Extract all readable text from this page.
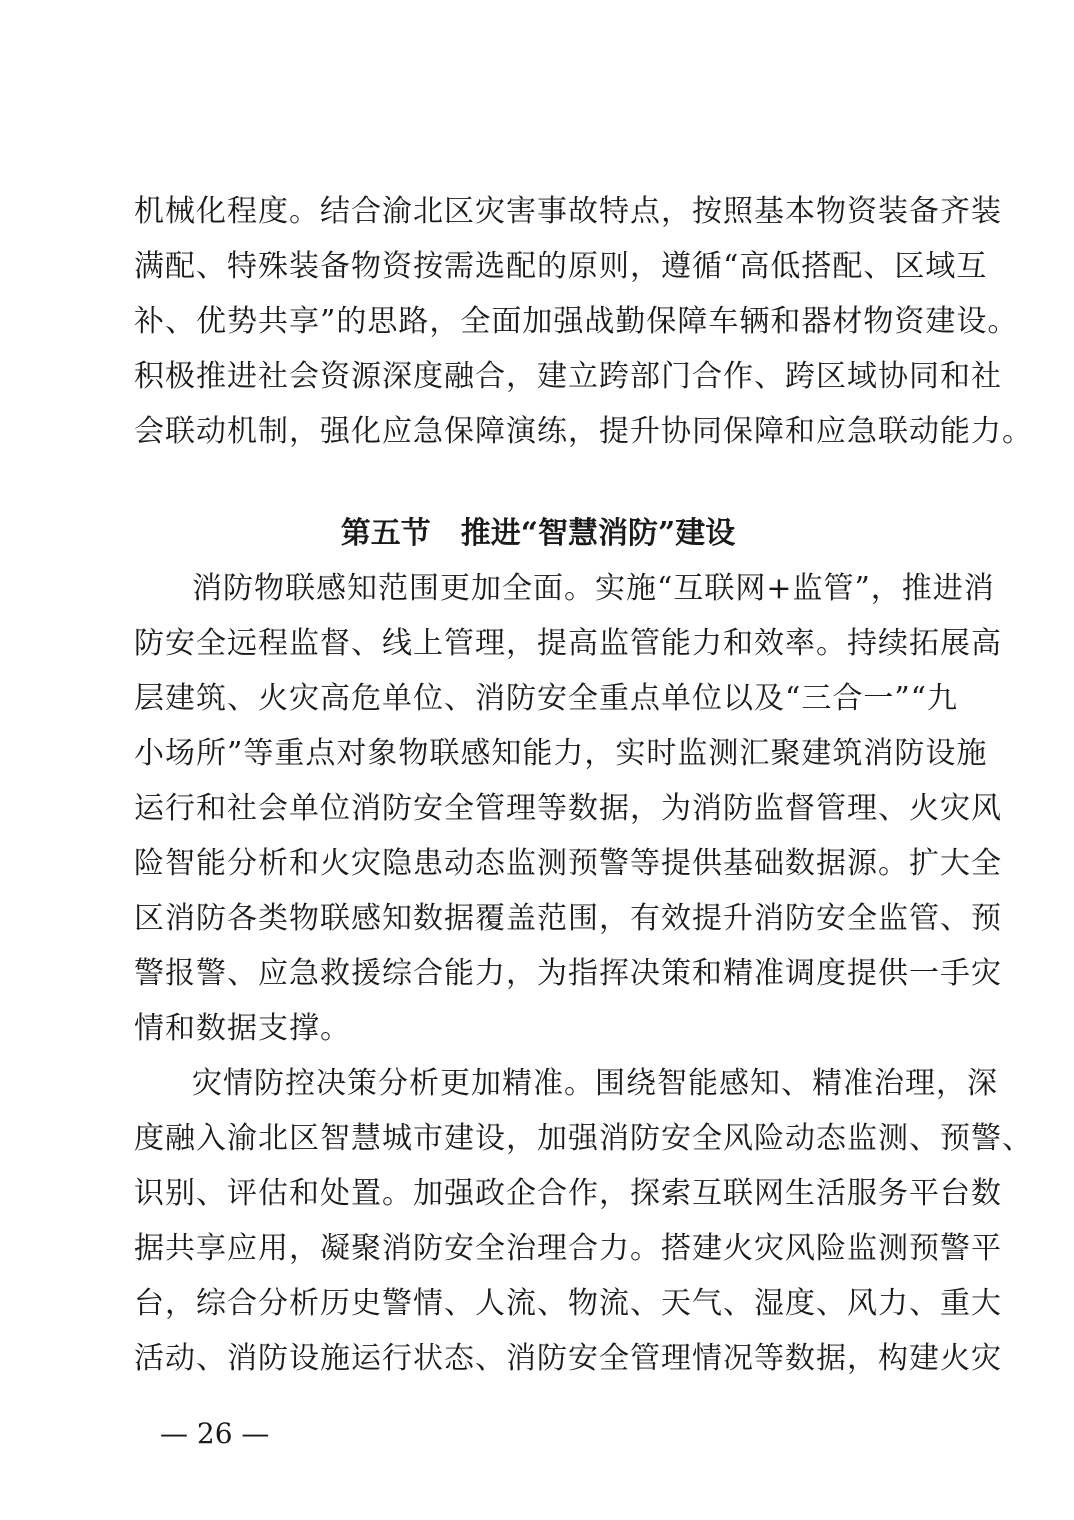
机械化程度。结合渝北区灾害事故特点，按照基本物资装备齐装
满配、特殊装备物资按需选配的原则，遵循“高低搭配、区域互
补、优势共享”的思路，全面加强战勤保障车辆和器材物资建设。
积极推进社会资源深度融合，建立跨部门合作、跨区域协同和社
会联动机制，强化应急保障演练，提升协同保障和应急联动能力。
第五节　推进“智慧消防”建设
消防物联感知范围更加全面。实施“互联网+监管”，推进消
防安全远程监督、线上管理，提高监管能力和效率。持续拓展高
层建筑、火灾高危单位、消防安全重点单位以及“三合一”“九
小场所”等重点对象物联感知能力，实时监测汇聚建筑消防设施
运行和社会单位消防安全管理等数据，为消防监督管理、火灾风
险智能分析和火灾隐患动态监测预警等提供基础数据源。扩大全
区消防各类物联感知数据覆盖范围，有效提升消防安全监管、预
警报警、应急救援综合能力，为指挥决策和精准调度提供一手灾
情和数据支撑。
灾情防控决策分析更加精准。围绕智能感知、精准治理，深
度融入渝北区智慧城市建设，加强消防安全风险动态监测、预警、
识别、评估和处置。加强政企合作，探索互联网生活服务平台数
据共享应用，凝聚消防安全治理合力。搭建火灾风险监测预警平
台，综合分析历史警情、人流、物流、天气、湿度、风力、重大
活动、消防设施运行状态、消防安全管理情况等数据，构建火灾
— 26 —
